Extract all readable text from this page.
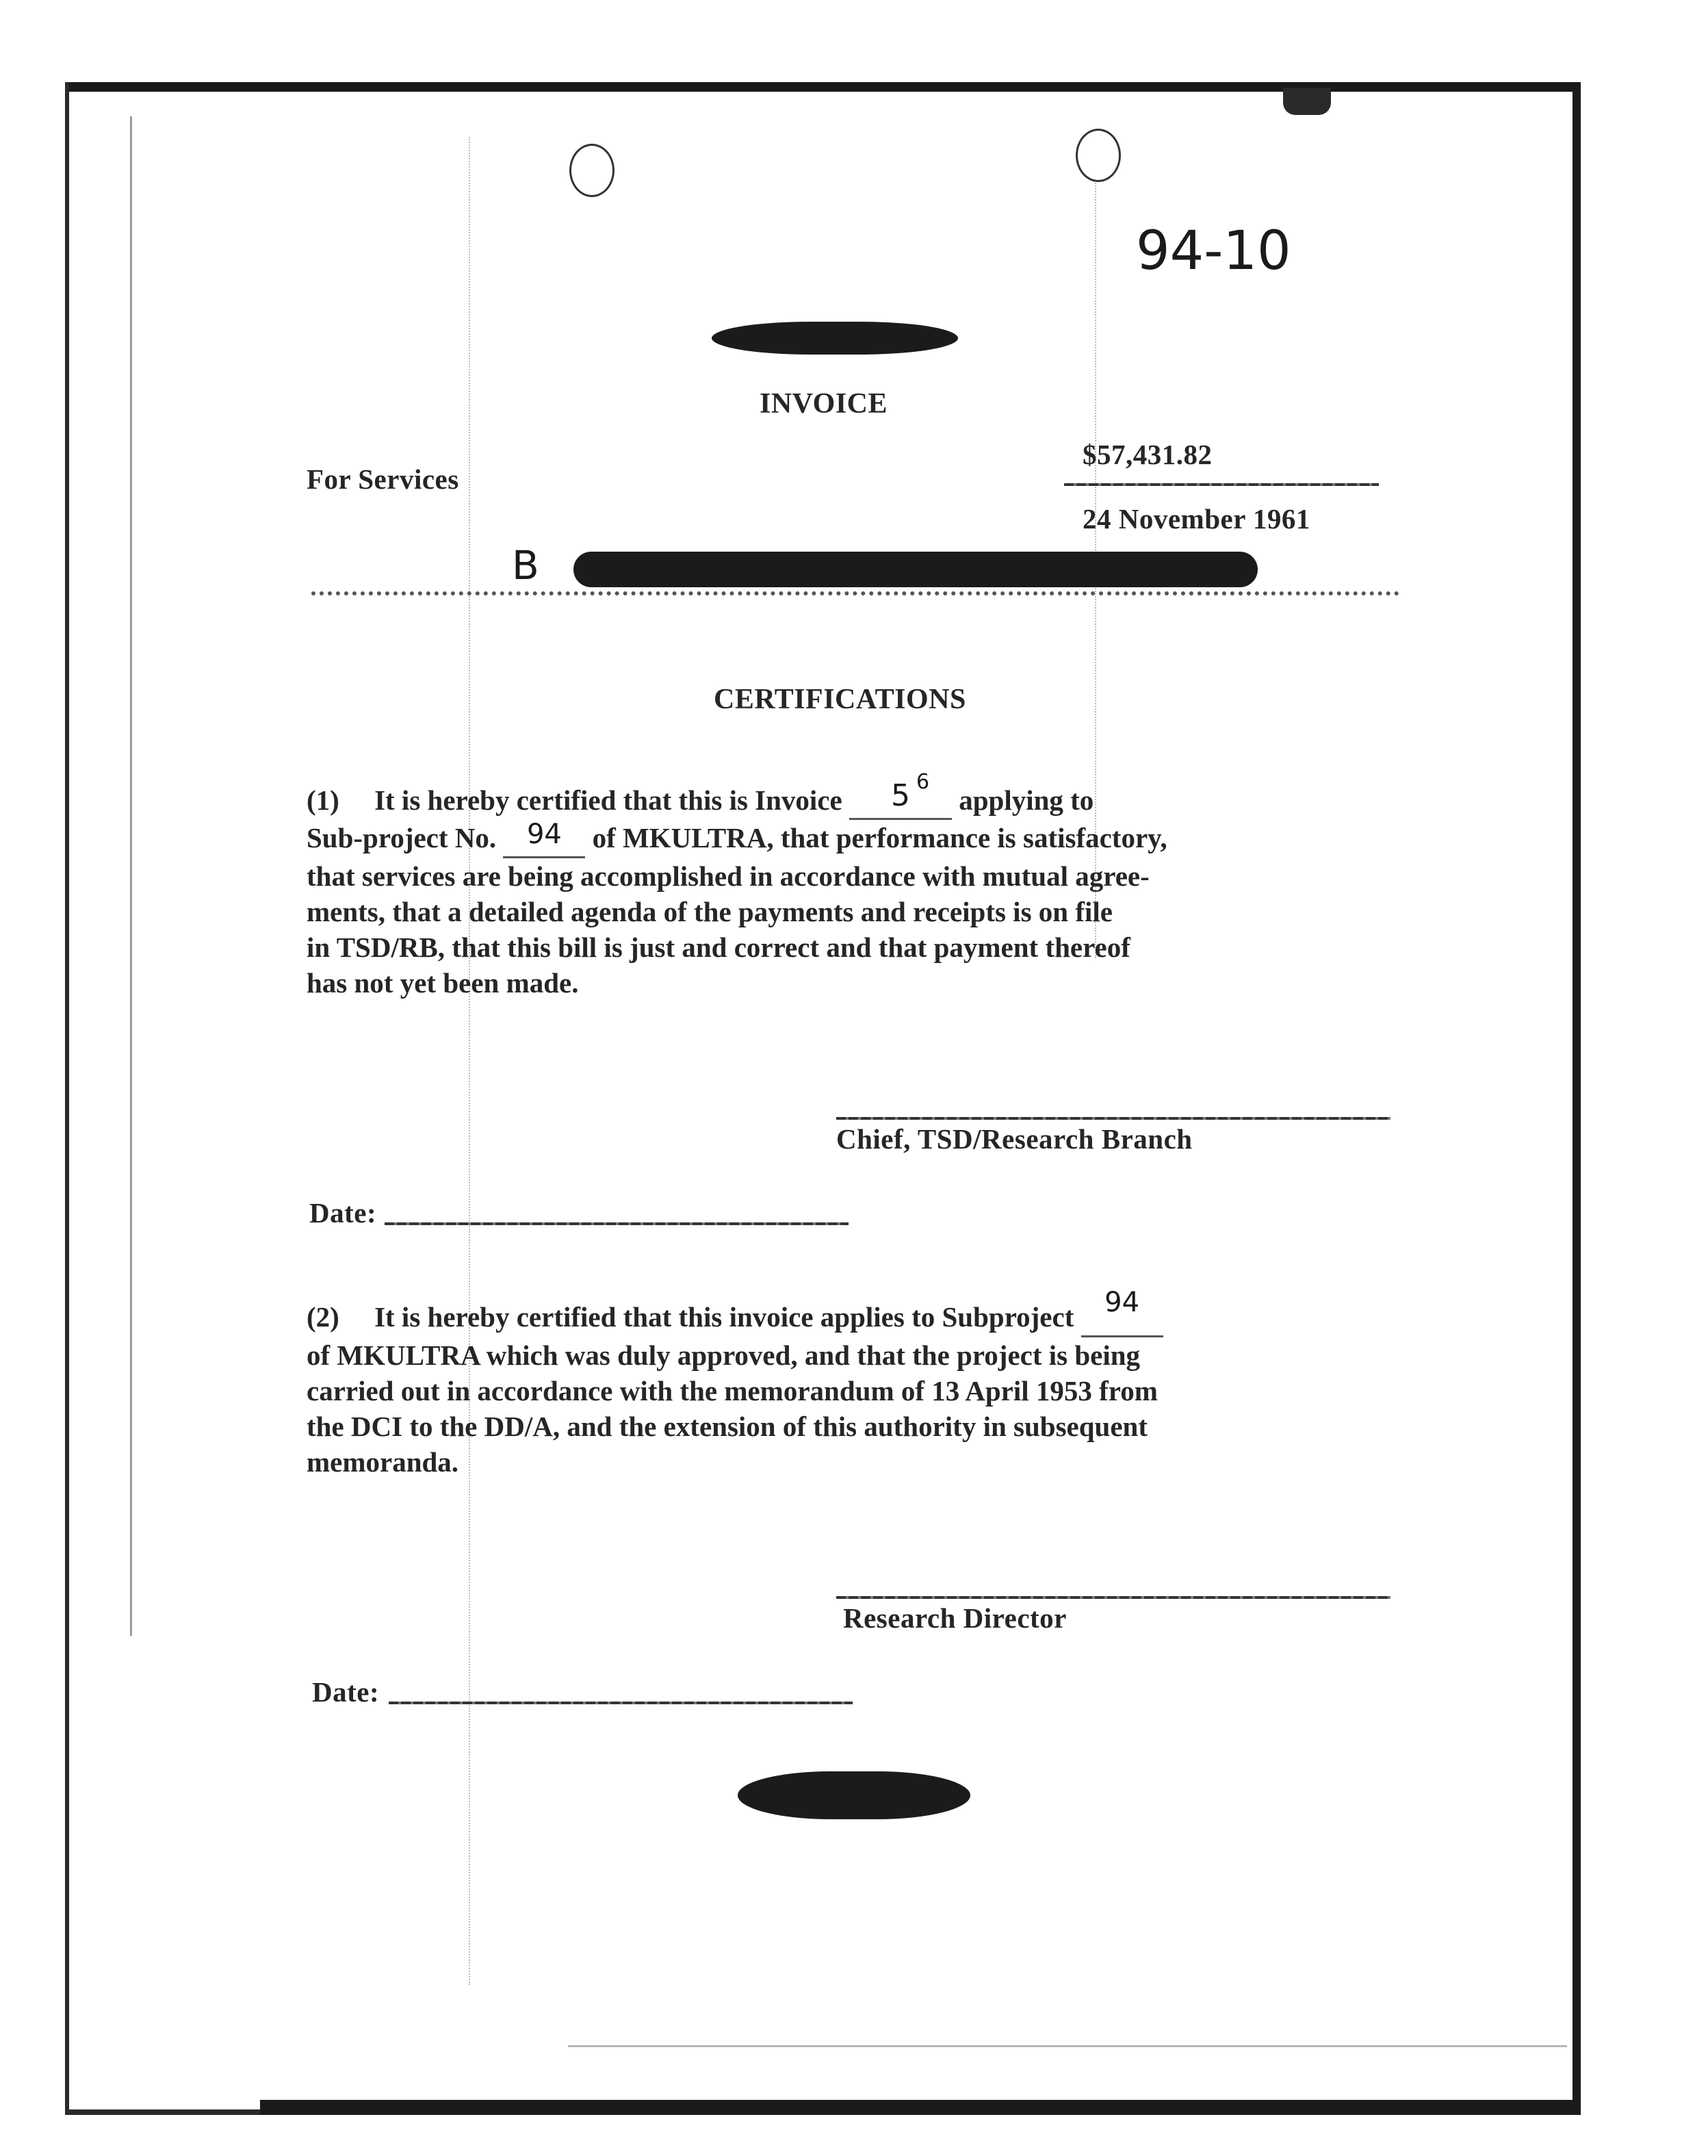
94-10
INVOICE
For Services
$57,431.82
24 November 1961
B
CERTIFICATIONS
(1) It is hereby certified that this is Invoice 5 6
applying to
Sub-project No. 94 of MKULTRA, that performance is satisfactory,
that services are being accomplished in accordance with mutual agree-
ments, that a detailed agenda of the payments and receipts is on file
in TSD/RB, that this bill is just and correct and that payment thereof
has not yet been made.
Chief, TSD/Research Branch
Date:
(2) It is hereby certified that this invoice applies to Subproject 94
of MKULTRA which was duly approved, and that the project is being
carried out in accordance with the memorandum of 13 April 1953 from
the DCI to the DD/A, and the extension of this authority in subsequent
memoranda.
Research Director
Date:
